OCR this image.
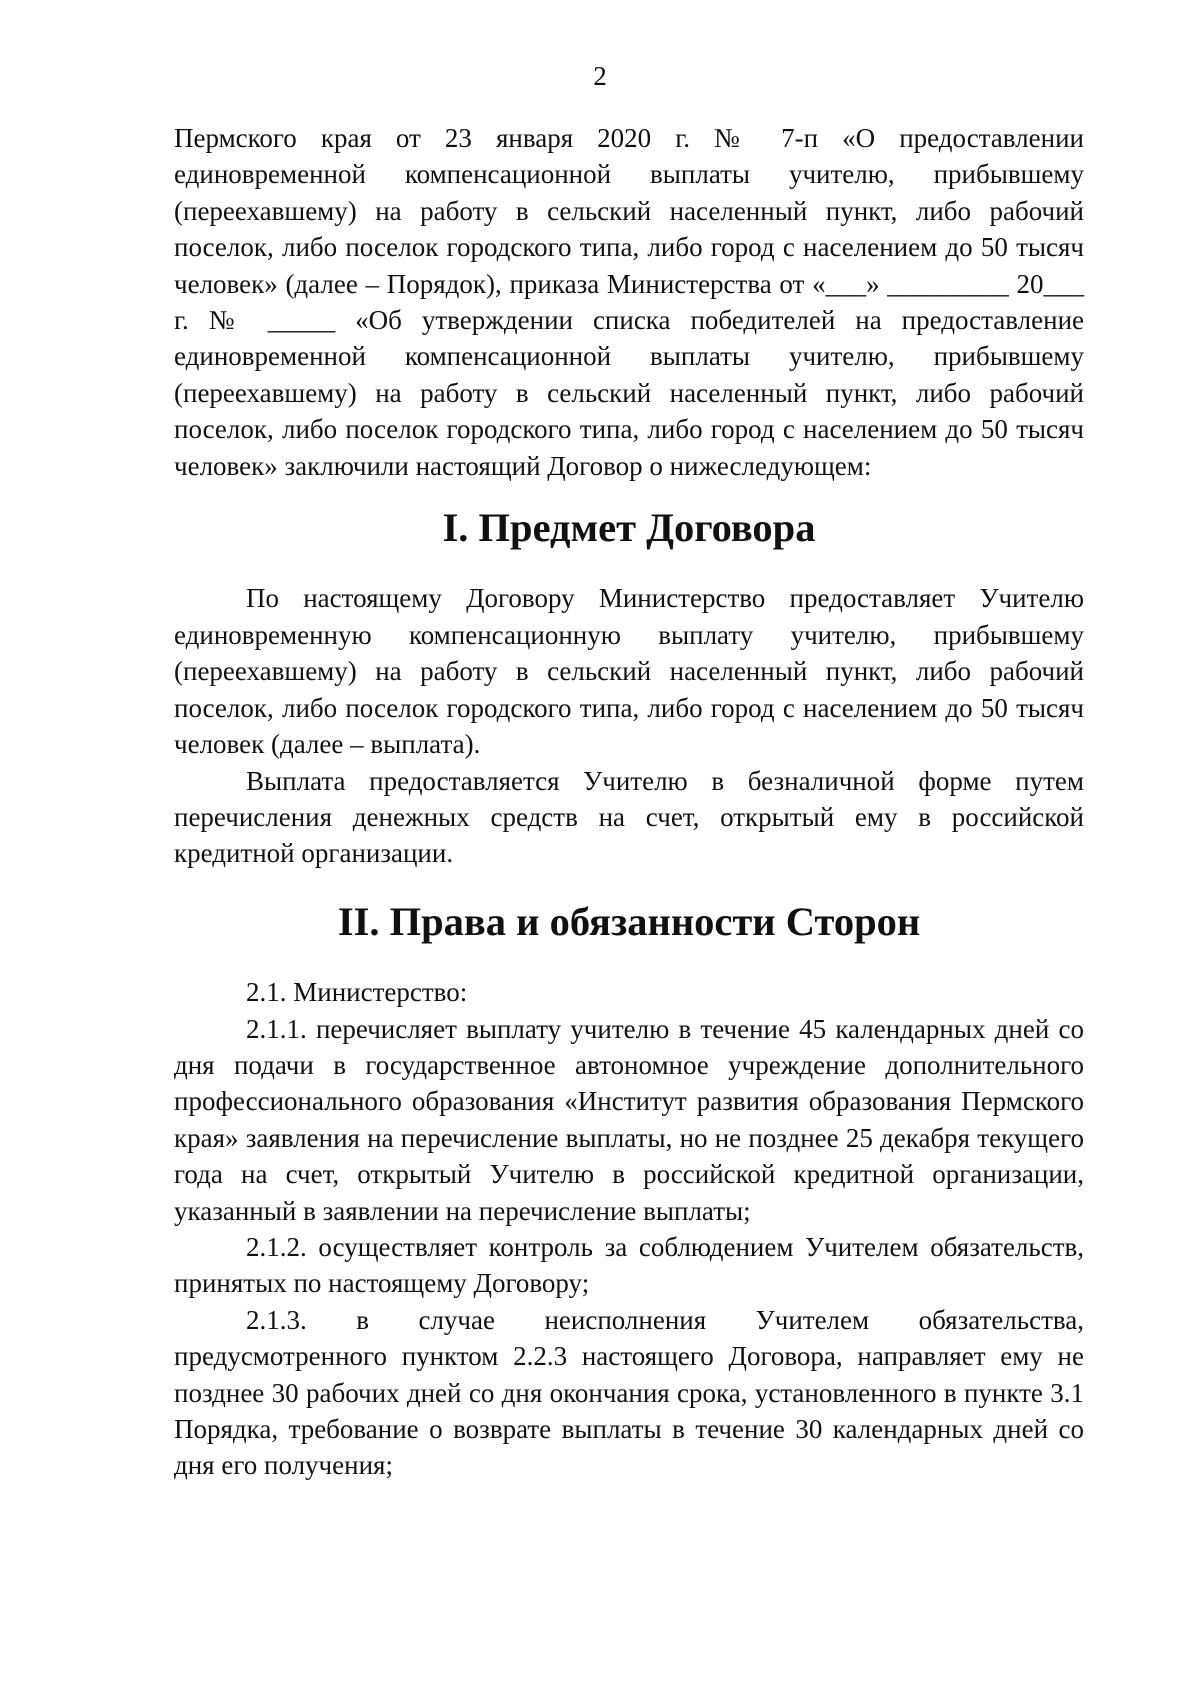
2

Пермского края от 23 января 2020 г. № 7-п «О предоставлении единовременной компенсационной выплаты учителю, прибывшему (переехавшему) на работу в сельский населенный пункт, либо рабочий поселок, либо поселок городского типа, либо город с населением до 50 тысяч человек» (далее – Порядок), приказа Министерства от «___» _________ 20___ г. № _____ «Об утверждении списка победителей на предоставление единовременной компенсационной выплаты учителю, прибывшему (переехавшему) на работу в сельский населенный пункт, либо рабочий поселок, либо поселок городского типа, либо город с населением до 50 тысяч человек» заключили настоящий Договор о нижеследующем:

I. Предмет Договора

По настоящему Договору Министерство предоставляет Учителю единовременную компенсационную выплату учителю, прибывшему (переехавшему) на работу в сельский населенный пункт, либо рабочий поселок, либо поселок городского типа, либо город с населением до 50 тысяч человек (далее – выплата).

Выплата предоставляется Учителю в безналичной форме путем перечисления денежных средств на счет, открытый ему в российской кредитной организации.

II. Права и обязанности Сторон

2.1. Министерство:

2.1.1. перечисляет выплату учителю в течение 45 календарных дней со дня подачи в государственное автономное учреждение дополнительного профессионального образования «Институт развития образования Пермского края» заявления на перечисление выплаты, но не позднее 25 декабря текущего года на счет, открытый Учителю в российской кредитной организации, указанный в заявлении на перечисление выплаты;

2.1.2. осуществляет контроль за соблюдением Учителем обязательств, принятых по настоящему Договору;

2.1.3. в случае неисполнения Учителем обязательства, предусмотренного пунктом 2.2.3 настоящего Договора, направляет ему не позднее 30 рабочих дней со дня окончания срока, установленного в пункте 3.1 Порядка, требование о возврате выплаты в течение 30 календарных дней со дня его получения;
